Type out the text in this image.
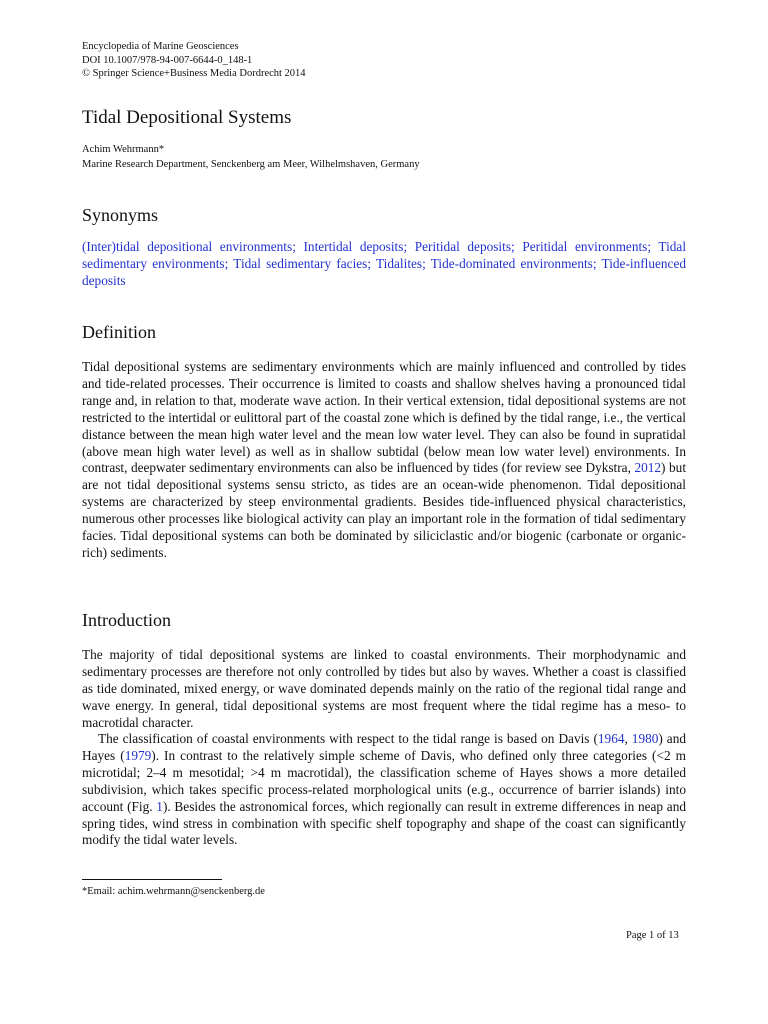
Encyclopedia of Marine Geosciences
DOI 10.1007/978-94-007-6644-0_148-1
© Springer Science+Business Media Dordrecht 2014
Tidal Depositional Systems
Achim Wehrmann*
Marine Research Department, Senckenberg am Meer, Wilhelmshaven, Germany
Synonyms

(Inter)tidal depositional environments; Intertidal deposits; Peritidal deposits; Peritidal environments; Tidal sedimentary environments; Tidal sedimentary facies; Tidalites; Tide-dominated environments; Tide-influenced deposits

Definition

Tidal depositional systems are sedimentary environments which are mainly influenced and controlled by tides and tide-related processes. Their occurrence is limited to coasts and shallow shelves having a pronounced tidal range and, in relation to that, moderate wave action. In their vertical extension, tidal depositional systems are not restricted to the intertidal or eulittoral part of the coastal zone which is defined by the tidal range, i.e., the vertical distance between the mean high water level and the mean low water level. They can also be found in supratidal (above mean high water level) as well as in shallow subtidal (below mean low water level) environments. In contrast, deepwater sedimentary environments can also be influenced by tides (for review see Dykstra, 2012) but are not tidal depositional systems sensu stricto, as tides are an ocean-wide phenomenon. Tidal depositional systems are characterized by steep environmental gradients. Besides tide-influenced physical characteristics, numerous other processes like biological activity can play an important role in the formation of tidal sedimentary facies. Tidal depositional systems can both be dominated by siliciclastic and/or biogenic (carbonate or organic-rich) sediments.

Introduction

The majority of tidal depositional systems are linked to coastal environments. Their morphodynamic and sedimentary processes are therefore not only controlled by tides but also by waves. Whether a coast is classified as tide dominated, mixed energy, or wave dominated depends mainly on the ratio of the regional tidal range and wave energy. In general, tidal depositional systems are most frequent where the tidal regime has a meso- to macrotidal character.

The classification of coastal environments with respect to the tidal range is based on Davis (1964, 1980) and Hayes (1979). In contrast to the relatively simple scheme of Davis, who defined only three categories (<2 m microtidal; 2–4 m mesotidal; >4 m macrotidal), the classification scheme of Hayes shows a more detailed subdivision, which takes specific process-related morphological units (e.g., occurrence of barrier islands) into account (Fig. 1). Besides the astronomical forces, which regionally can result in extreme differences in neap and spring tides, wind stress in combination with specific shelf topography and shape of the coast can significantly modify the tidal water levels.

*Email: achim.wehrmann@senckenberg.de
Page 1 of 13
